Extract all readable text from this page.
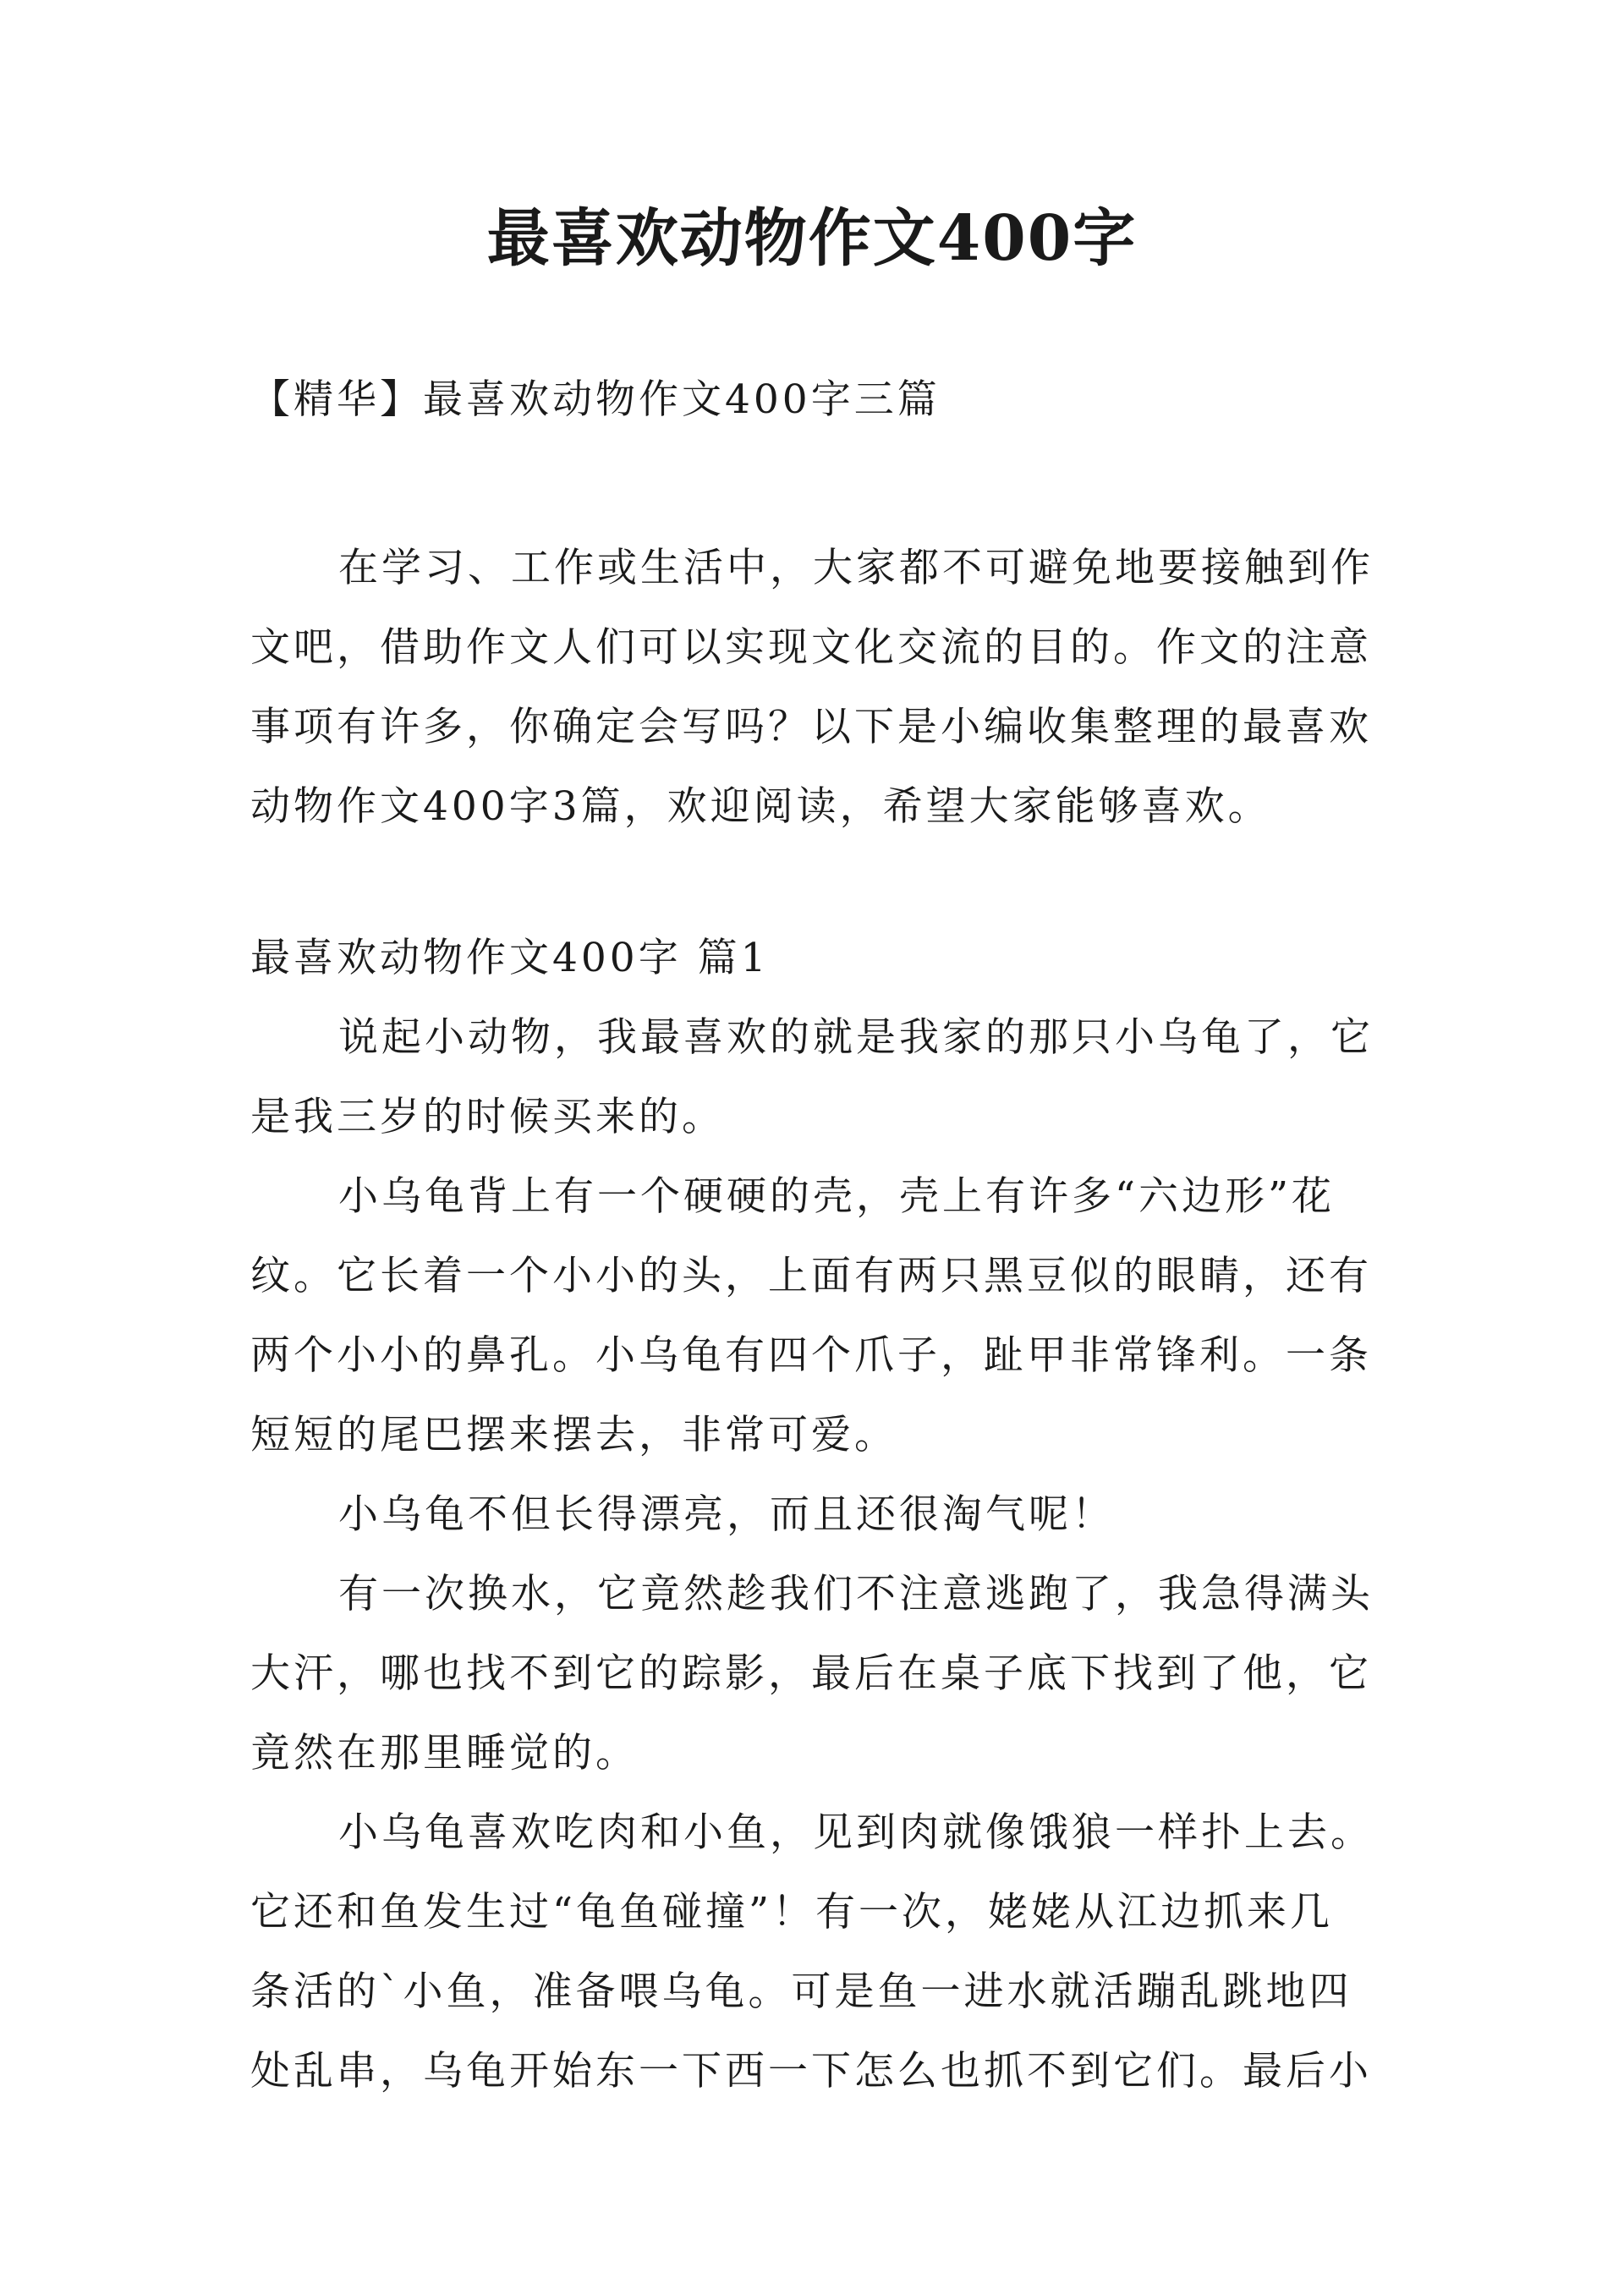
最喜欢动物作文400字
【精华】最喜欢动物作文400字三篇
在学习、工作或生活中，大家都不可避免地要接触到作
文吧，借助作文人们可以实现文化交流的目的。作文的注意
事项有许多，你确定会写吗？以下是小编收集整理的最喜欢
动物作文400字3篇，欢迎阅读，希望大家能够喜欢。
最喜欢动物作文400字 篇1
说起小动物，我最喜欢的就是我家的那只小乌龟了，它
是我三岁的时候买来的。
小乌龟背上有一个硬硬的壳，壳上有许多“六边形”花
纹。它长着一个小小的头，上面有两只黑豆似的眼睛，还有
两个小小的鼻孔。小乌龟有四个爪子，趾甲非常锋利。一条
短短的尾巴摆来摆去，非常可爱。
小乌龟不但长得漂亮，而且还很淘气呢！
有一次换水，它竟然趁我们不注意逃跑了，我急得满头
大汗，哪也找不到它的踪影，最后在桌子底下找到了他，它
竟然在那里睡觉的。
小乌龟喜欢吃肉和小鱼，见到肉就像饿狼一样扑上去。
它还和鱼发生过“龟鱼碰撞”！有一次，姥姥从江边抓来几
条活的`小鱼，准备喂乌龟。可是鱼一进水就活蹦乱跳地四
处乱串，乌龟开始东一下西一下怎么也抓不到它们。最后小
